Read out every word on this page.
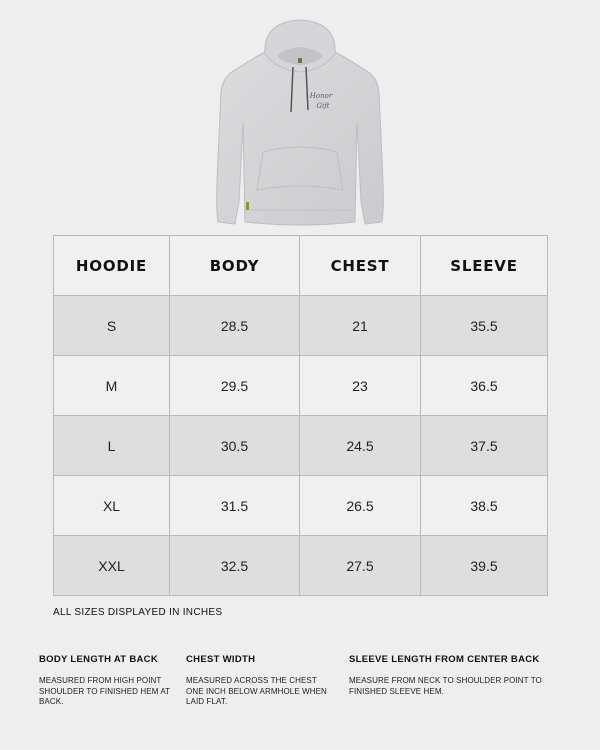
Honor
Gift
HOODIE	BODY	CHEST	SLEEVE
S	28.5	21	35.5
M	29.5	23	36.5
L	30.5	24.5	37.5
XL	31.5	26.5	38.5
XXL	32.5	27.5	39.5
ALL SIZES DISPLAYED IN INCHES
BODY LENGTH AT BACK

MEASURED FROM HIGH POINT SHOULDER TO FINISHED HEM AT BACK.

CHEST WIDTH

MEASURED ACROSS THE CHEST ONE INCH BELOW ARMHOLE WHEN LAID FLAT.

SLEEVE LENGTH FROM CENTER BACK

MEASURE FROM NECK TO SHOULDER POINT TO FINISHED SLEEVE HEM.
